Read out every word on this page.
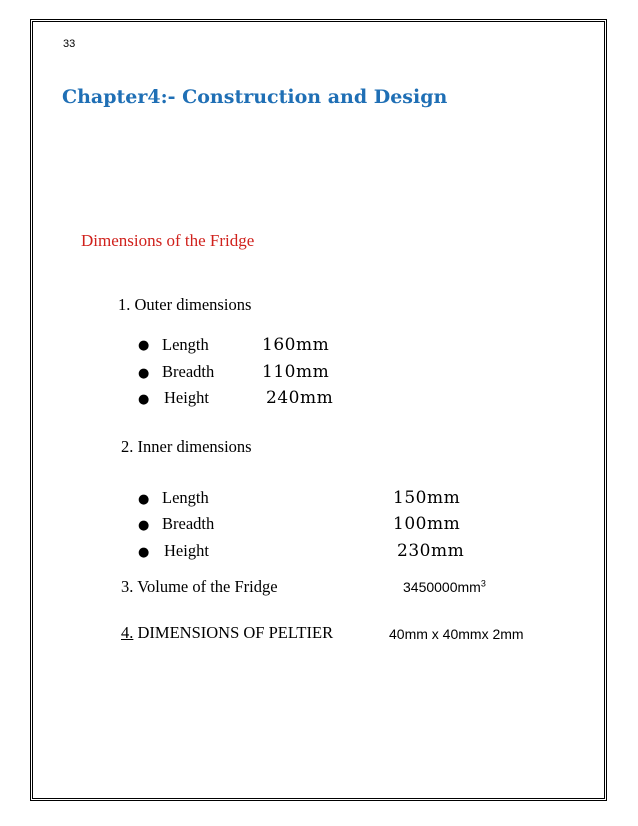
33
Chapter4:- Construction and Design
Dimensions of the Fridge
1. Outer dimensions
● Length	160mm
● Breadth	110mm
● Height	240mm
2. Inner dimensions
● Length	150mm
● Breadth	100mm
● Height	230mm
3. Volume of the Fridge	$3450000mm^3$
4. DIMENSIONS OF PELTIER	40mm x 40mmx 2mm
